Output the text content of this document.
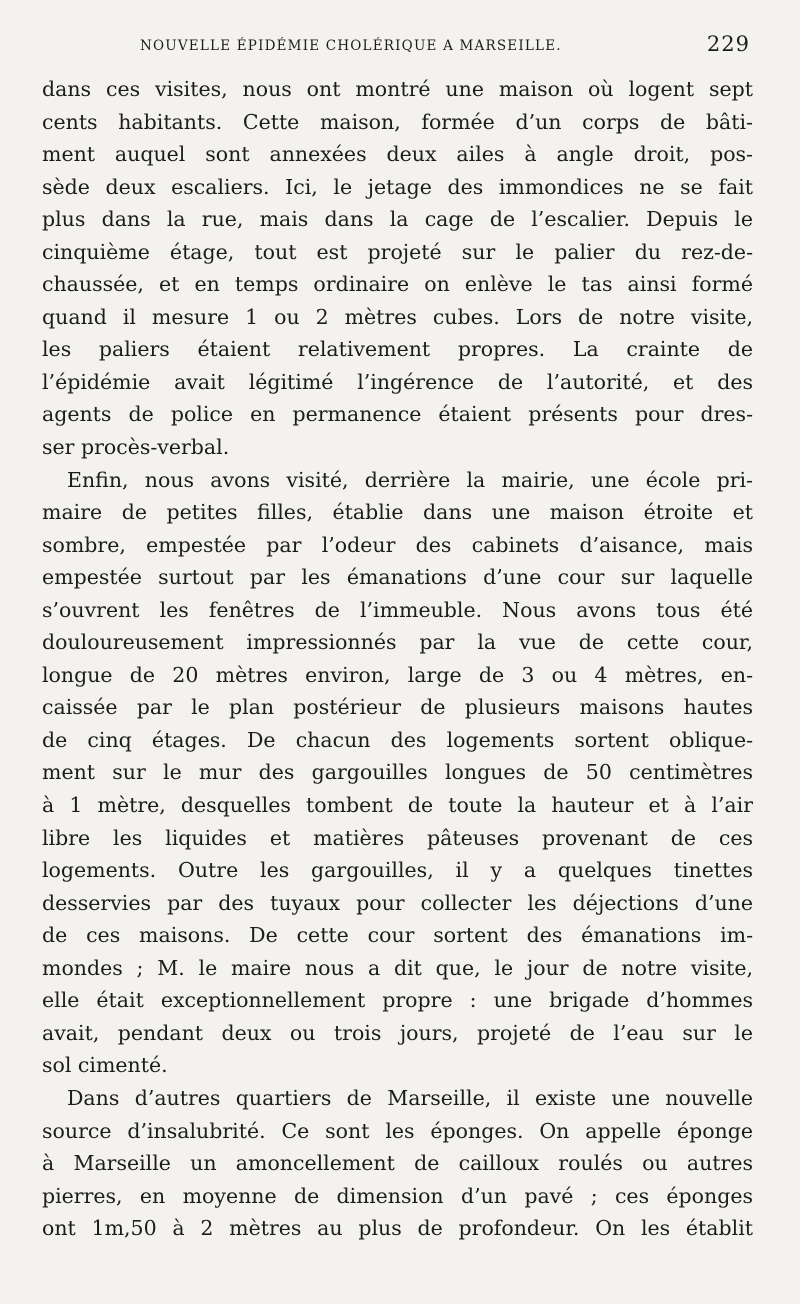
NOUVELLE ÉPIDÉMIE CHOLÉRIQUE A MARSEILLE.	229

dans ces visites, nous ont montré une maison où logent sept
cents habitants. Cette maison, formée d’un corps de bâti-
ment auquel sont annexées deux ailes à angle droit, pos-
sède deux escaliers. Ici, le jetage des immondices ne se fait
plus dans la rue, mais dans la cage de l’escalier. Depuis le
cinquième étage, tout est projeté sur le palier du rez-de-
chaussée, et en temps ordinaire on enlève le tas ainsi formé
quand il mesure 1 ou 2 mètres cubes. Lors de notre visite,
les paliers étaient relativement propres. La crainte de
l’épidémie avait légitimé l’ingérence de l’autorité, et des
agents de police en permanence étaient présents pour dres-
ser procès-verbal.

Enfin, nous avons visité, derrière la mairie, une école pri-
maire de petites filles, établie dans une maison étroite et
sombre, empestée par l’odeur des cabinets d’aisance, mais
empestée surtout par les émanations d’une cour sur laquelle
s’ouvrent les fenêtres de l’immeuble. Nous avons tous été
douloureusement impressionnés par la vue de cette cour,
longue de 20 mètres environ, large de 3 ou 4 mètres, en-
caissée par le plan postérieur de plusieurs maisons hautes
de cinq étages. De chacun des logements sortent oblique-
ment sur le mur des gargouilles longues de 50 centimètres
à 1 mètre, desquelles tombent de toute la hauteur et à l’air
libre les liquides et matières pâteuses provenant de ces
logements. Outre les gargouilles, il y a quelques tinettes
desservies par des tuyaux pour collecter les déjections d’une
de ces maisons. De cette cour sortent des émanations im-
mondes ; M. le maire nous a dit que, le jour de notre visite,
elle était exceptionnellement propre : une brigade d’hommes
avait, pendant deux ou trois jours, projeté de l’eau sur le
sol cimenté.

Dans d’autres quartiers de Marseille, il existe une nouvelle
source d’insalubrité. Ce sont les éponges. On appelle éponge
à Marseille un amoncellement de cailloux roulés ou autres
pierres, en moyenne de dimension d’un pavé ; ces éponges
ont 1m,50 à 2 mètres au plus de profondeur. On les établit
